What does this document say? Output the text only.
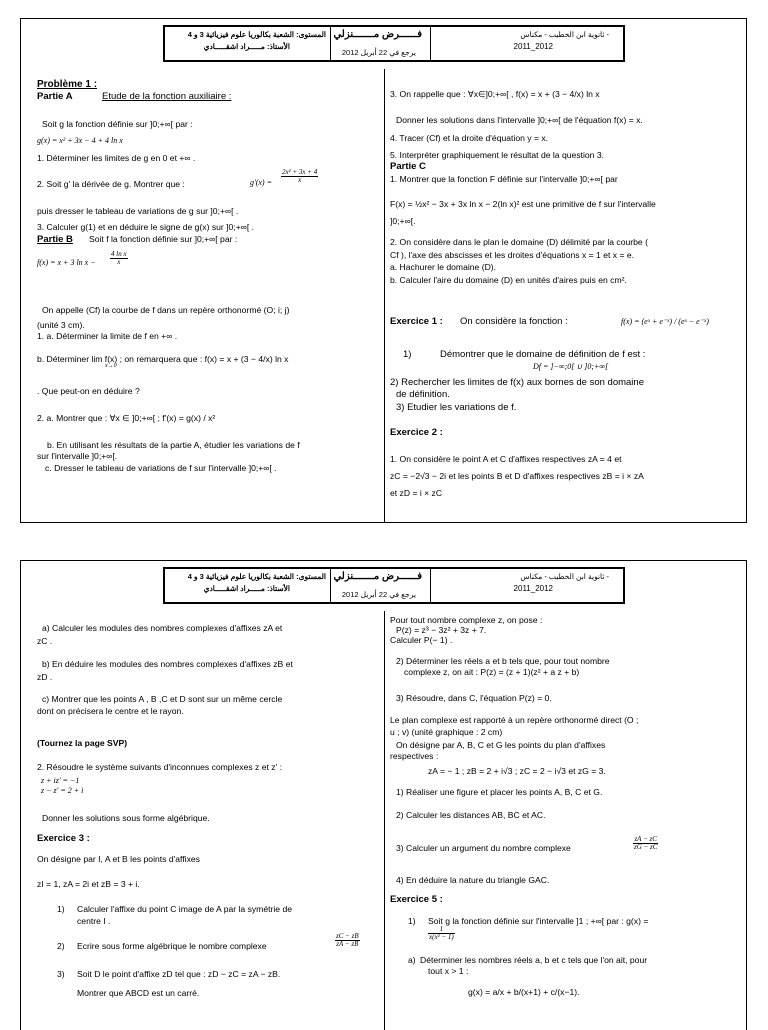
المستوى: الشعبة بكالوريا علوم فيزيائية 3 و 4
الأستاذ: مـــــراد اشقـــــادي
فــــــرض مـــــــنزلي
يرجع في 22 أبريل 2012
- ثانوية ابن الخطيب - مكناس
2011_2012
Problème 1 :
Partie A	Etude de la fonction auxiliaire :
Soit g la fonction définie sur ]0;+∞[ par :
g(x) = x² + 3x − 4 + 4 ln x
1. Déterminer les limites de g en 0 et +∞ .
2. Soit g' la dérivée de g. Montrer que :	g'(x) =	$\frac{\text{2x² + 3x + 4}}{x}$
puis dresser le tableau de variations de g sur ]0;+∞[ .
3. Calculer g(1) et en déduire le signe de g(x) sur ]0;+∞[ .
Partie B	Soit f la fonction définie sur ]0;+∞[ par :
f(x) = x + 3 ln x −	$\frac{\text{4 ln x}}{x}$
On appelle (Cf) la courbe de f dans un repère orthonormé (O; i; j)
(unité 3 cm).
1. a. Déterminer la limite de f en +∞ .
b. Déterminer lim f(x) ; on remarquera que : f(x) = x + (3 − 4/x) ln x
x→0
. Que peut-on en déduire ?
2. a. Montrer que : ∀x ∈ ]0;+∞[ ; f'(x) = g(x) / x²
b. En utilisant les résultats de la partie A, étudier les variations de f
sur l'intervalle ]0;+∞[.
c. Dresser le tableau de variations de f sur l'intervalle ]0;+∞[ .
3. On rappelle que : ∀x∈]0;+∞[ , f(x) = x + (3 − 4/x) ln x
Donner les solutions dans l'intervalle ]0;+∞[ de l'équation f(x) = x.
4. Tracer (Cf) et la droite d'équation y = x.
5. Interpréter graphiquement le résultat de la question 3.
Partie C
1. Montrer que la fonction F définie sur l'intervalle ]0;+∞[ par
F(x) = ½x² − 3x + 3x ln x − 2(ln x)² est une primitive de f sur l'intervalle
]0;+∞[.
2. On considère dans le plan le domaine (D) délimité par la courbe (
Cf ), l'axe des abscisses et les droites d'équations x = 1 et x = e.
a. Hachurer le domaine (D).
b. Calculer l'aire du domaine (D) en unités d'aires puis en cm².
Exercice 1 :	On considère la fonction :	f(x) = (eˣ + e⁻ˣ) / (eˣ − e⁻ˣ)
1)	Démontrer que le domaine de définition de f est :
Df = ]−∞;0[ ∪ ]0;+∞[
2) Rechercher les limites de f(x) aux bornes de son domaine
de définition.
3) Etudier les variations de f.
Exercice 2 :
1. On considère le point A et C d'affixes respectives zA = 4 et
zC = −2√3 − 2i et les points B et D d'affixes respectives zB = i × zA
et zD = i × zC
المستوى: الشعبة بكالوريا علوم فيزيائية 3 و 4
الأستاذ: مـــــراد اشقـــــادي
فــــــرض مـــــــنزلي
يرجع في 22 أبريل 2012
- ثانوية ابن الخطيب - مكناس
2011_2012
a) Calculer les modules des nombres complexes d'affixes zA et
zC .
b) En déduire les modules des nombres complexes d'affixes zB et
zD .
c) Montrer que les points A , B ,C et D sont sur un même cercle
dont on précisera le centre et le rayon.
(Tournez la page SVP)
2. Résoudre le système suivants d'inconnues complexes z et z' :
z + iz' = −1
z − z' = 2 + i
Donner les solutions sous forme algébrique.
Exercice 3 :
On désigne par I, A et B les points d'affixes
zI = 1, zA = 2i et zB = 3 + i.
1)	Calculer l'affixe du point C image de A par la symétrie de
centre I .
2)	Ecrire sous forme algébrique le nombre complexe	$\frac{zC - zB}{zA - zB}$
3)	Soit D le point d'affixe zD tel que : zD − zC = zA − zB.
Montrer que ABCD est un carré.
Pour tout nombre complexe z, on pose :
P(z) = z³ − 3z² + 3z + 7.
Calculer P(− 1) .
2) Déterminer les réels a et b tels que, pour tout nombre
complexe z, on ait : P(z) = (z + 1)(z² + a z + b)
3) Résoudre, dans C, l'équation P(z) = 0.
Le plan complexe est rapporté à un repère orthonormé direct (O ;
u ; v) (unité graphique : 2 cm)
On désigne par A, B, C et G les points du plan d'affixes
respectives :
zA = − 1 ; zB = 2 + i√3 ; zC = 2 − i√3 et zG = 3.
1) Réaliser une figure et placer les points A, B, C et G.
2) Calculer les distances AB, BC et AC.
3) Calculer un argument du nombre complexe	$\frac{zA - zC}{zG - zC}$
4) En déduire la nature du triangle GAC.
Exercice 5 :
1)	Soit g la fonction définie sur l'intervalle ]1 ; +∞[ par : g(x) =
$\frac{1}{\text{x(x² − 1)}}$
a) Déterminer les nombres réels a, b et c tels que l'on ait, pour
tout x > 1 :
g(x) = a/x + b/(x+1) + c/(x−1).
